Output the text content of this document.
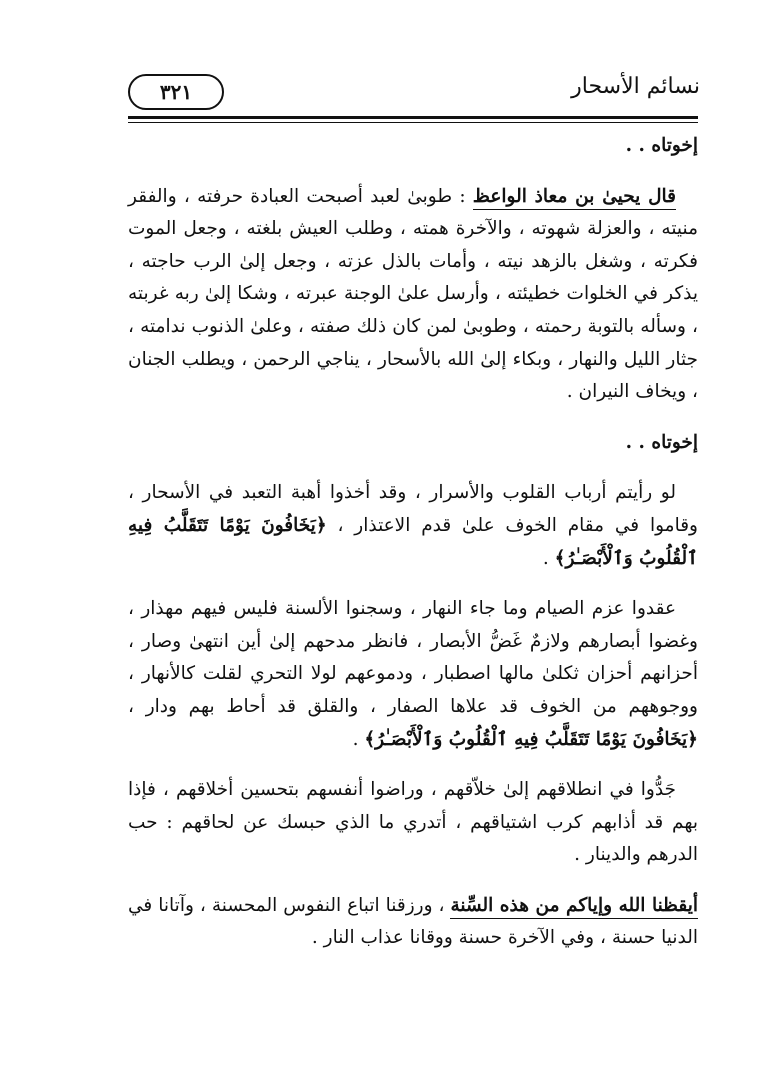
نسائم الأسحار
٣٢١

إخوتاه . .

قال يحيىٰ بن معاذ الواعظ : طوبىٰ لعبد أصبحت العبادة حرفته ، والفقر منيته ، والعزلة شهوته ، والآخرة همته ، وطلب العيش بلغته ، وجعل الموت فكرته ، وشغل بالزهد نيته ، وأمات بالذل عزته ، وجعل إلىٰ الرب حاجته ، يذكر في الخلوات خطيئته ، وأرسل علىٰ الوجنة عبرته ، وشكا إلىٰ ربه غربته ، وسأله بالتوبة رحمته ، وطوبىٰ لمن كان ذلك صفته ، وعلىٰ الذنوب ندامته ، جثار الليل والنهار ، وبكاء إلىٰ الله بالأسحار ، يناجي الرحمن ، ويطلب الجنان ، ويخاف النيران .

إخوتاه . .

لو رأيتم أرباب القلوب والأسرار ، وقد أخذوا أهبة التعبد في الأسحار ، وقاموا في مقام الخوف علىٰ قدم الاعتذار ، ﴿يَخَافُونَ يَوْمًا تَتَقَلَّبُ فِيهِ ٱلْقُلُوبُ وَٱلْأَبْصَـٰرُ﴾ .

عقدوا عزم الصيام وما جاء النهار ، وسجنوا الألسنة فليس فيهم مهذار ، وغضوا أبصارهم ولازمٌ غَضُّ الأبصار ، فانظر مدحهم إلىٰ أين انتهىٰ وصار ، أحزانهم أحزان ثكلىٰ مالها اصطبار ، ودموعهم لولا التحري لقلت كالأنهار ، ووجوههم من الخوف قد علاها الصفار ، والقلق قد أحاط بهم ودار ، ﴿يَخَافُونَ يَوْمًا تَتَقَلَّبُ فِيهِ ٱلْقُلُوبُ وَٱلْأَبْصَـٰرُ﴾ .

جَدُّوا في انطلاقهم إلىٰ خلاّقهم ، وراضوا أنفسهم بتحسين أخلاقهم ، فإذا بهم قد أذابهم كرب اشتياقهم ، أتدري ما الذي حبسك عن لحاقهم : حب الدرهم والدينار .

أيقظنا الله وإياكم من هذه السِّنة ، ورزقنا اتباع النفوس المحسنة ، وآتانا في الدنيا حسنة ، وفي الآخرة حسنة ووقانا عذاب النار .
